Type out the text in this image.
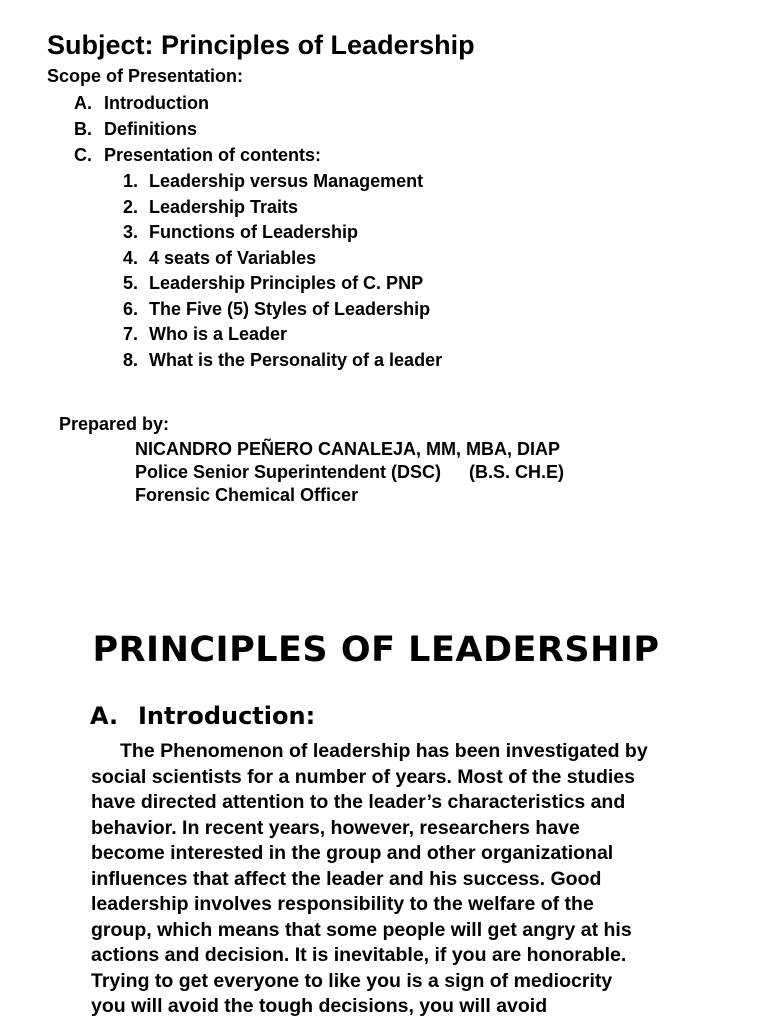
Subject: Principles of Leadership
Scope of Presentation:
A. Introduction
B. Definitions
C. Presentation of contents:
1. Leadership versus Management
2. Leadership Traits
3. Functions of Leadership
4. 4 seats of Variables
5. Leadership Principles of C. PNP
6. The Five (5) Styles of Leadership
7. Who is a Leader
8. What is the Personality of a leader
Prepared by:
NICANDRO PEÑERO CANALEJA, MM, MBA, DIAP
Police Senior Superintendent (DSC) (B.S. CH.E)
Forensic Chemical Officer
PRINCIPLES OF LEADERSHIP
A. Introduction:
The Phenomenon of leadership has been investigated by
social scientists for a number of years. Most of the studies
have directed attention to the leader’s characteristics and
behavior. In recent years, however, researchers have
become interested in the group and other organizational
influences that affect the leader and his success. Good
leadership involves responsibility to the welfare of the
group, which means that some people will get angry at his
actions and decision. It is inevitable, if you are honorable.
Trying to get everyone to like you is a sign of mediocrity
you will avoid the tough decisions, you will avoid
